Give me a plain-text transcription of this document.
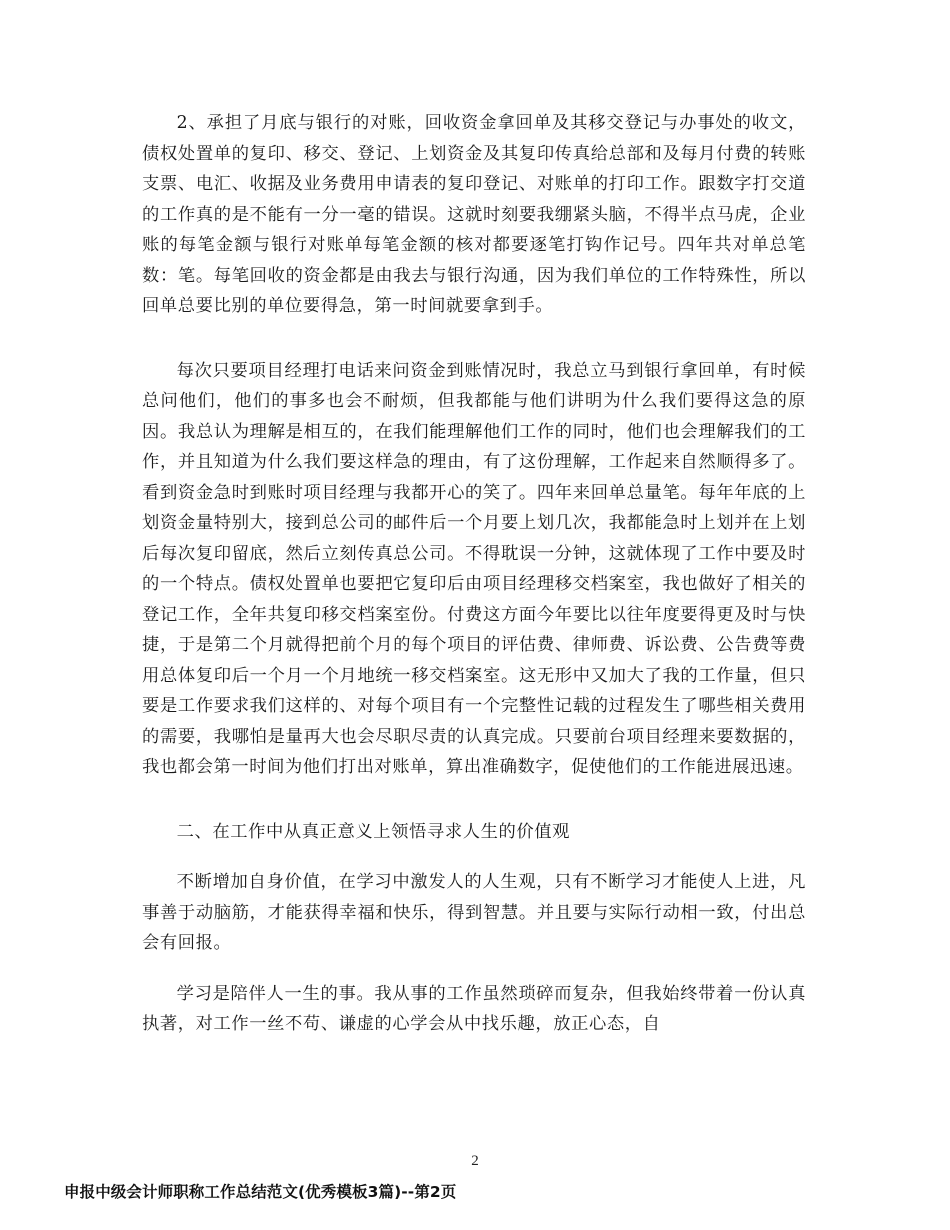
2、承担了月底与银行的对账，回收资金拿回单及其移交登记与办事处的收文，债权处置单的复印、移交、登记、上划资金及其复印传真给总部和及每月付费的转账支票、电汇、收据及业务费用申请表的复印登记、对账单的打印工作。跟数字打交道的工作真的是不能有一分一毫的错误。这就时刻要我绷紧头脑，不得半点马虎，企业账的每笔金额与银行对账单每笔金额的核对都要逐笔打钩作记号。四年共对单总笔数：笔。每笔回收的资金都是由我去与银行沟通，因为我们单位的工作特殊性，所以回单总要比别的单位要得急，第一时间就要拿到手。

每次只要项目经理打电话来问资金到账情况时，我总立马到银行拿回单，有时候总问他们，他们的事多也会不耐烦，但我都能与他们讲明为什么我们要得这急的原因。我总认为理解是相互的，在我们能理解他们工作的同时，他们也会理解我们的工作，并且知道为什么我们要这样急的理由，有了这份理解，工作起来自然顺得多了。看到资金急时到账时项目经理与我都开心的笑了。四年来回单总量笔。每年年底的上划资金量特别大，接到总公司的邮件后一个月要上划几次，我都能急时上划并在上划后每次复印留底，然后立刻传真总公司。不得耽误一分钟，这就体现了工作中要及时的一个特点。债权处置单也要把它复印后由项目经理移交档案室，我也做好了相关的登记工作，全年共复印移交档案室份。付费这方面今年要比以往年度要得更及时与快捷，于是第二个月就得把前个月的每个项目的评估费、律师费、诉讼费、公告费等费用总体复印后一个月一个月地统一移交档案室。这无形中又加大了我的工作量，但只要是工作要求我们这样的、对每个项目有一个完整性记载的过程发生了哪些相关费用的需要，我哪怕是量再大也会尽职尽责的认真完成。只要前台项目经理来要数据的，我也都会第一时间为他们打出对账单，算出准确数字，促使他们的工作能进展迅速。

二、在工作中从真正意义上领悟寻求人生的价值观

不断增加自身价值，在学习中激发人的人生观，只有不断学习才能使人上进，凡事善于动脑筋，才能获得幸福和快乐，得到智慧。并且要与实际行动相一致，付出总会有回报。

学习是陪伴人一生的事。我从事的工作虽然琐碎而复杂，但我始终带着一份认真执著，对工作一丝不苟、谦虚的心学会从中找乐趣，放正心态，自

2
申报中级会计师职称工作总结范文(优秀模板3篇)--第2页
